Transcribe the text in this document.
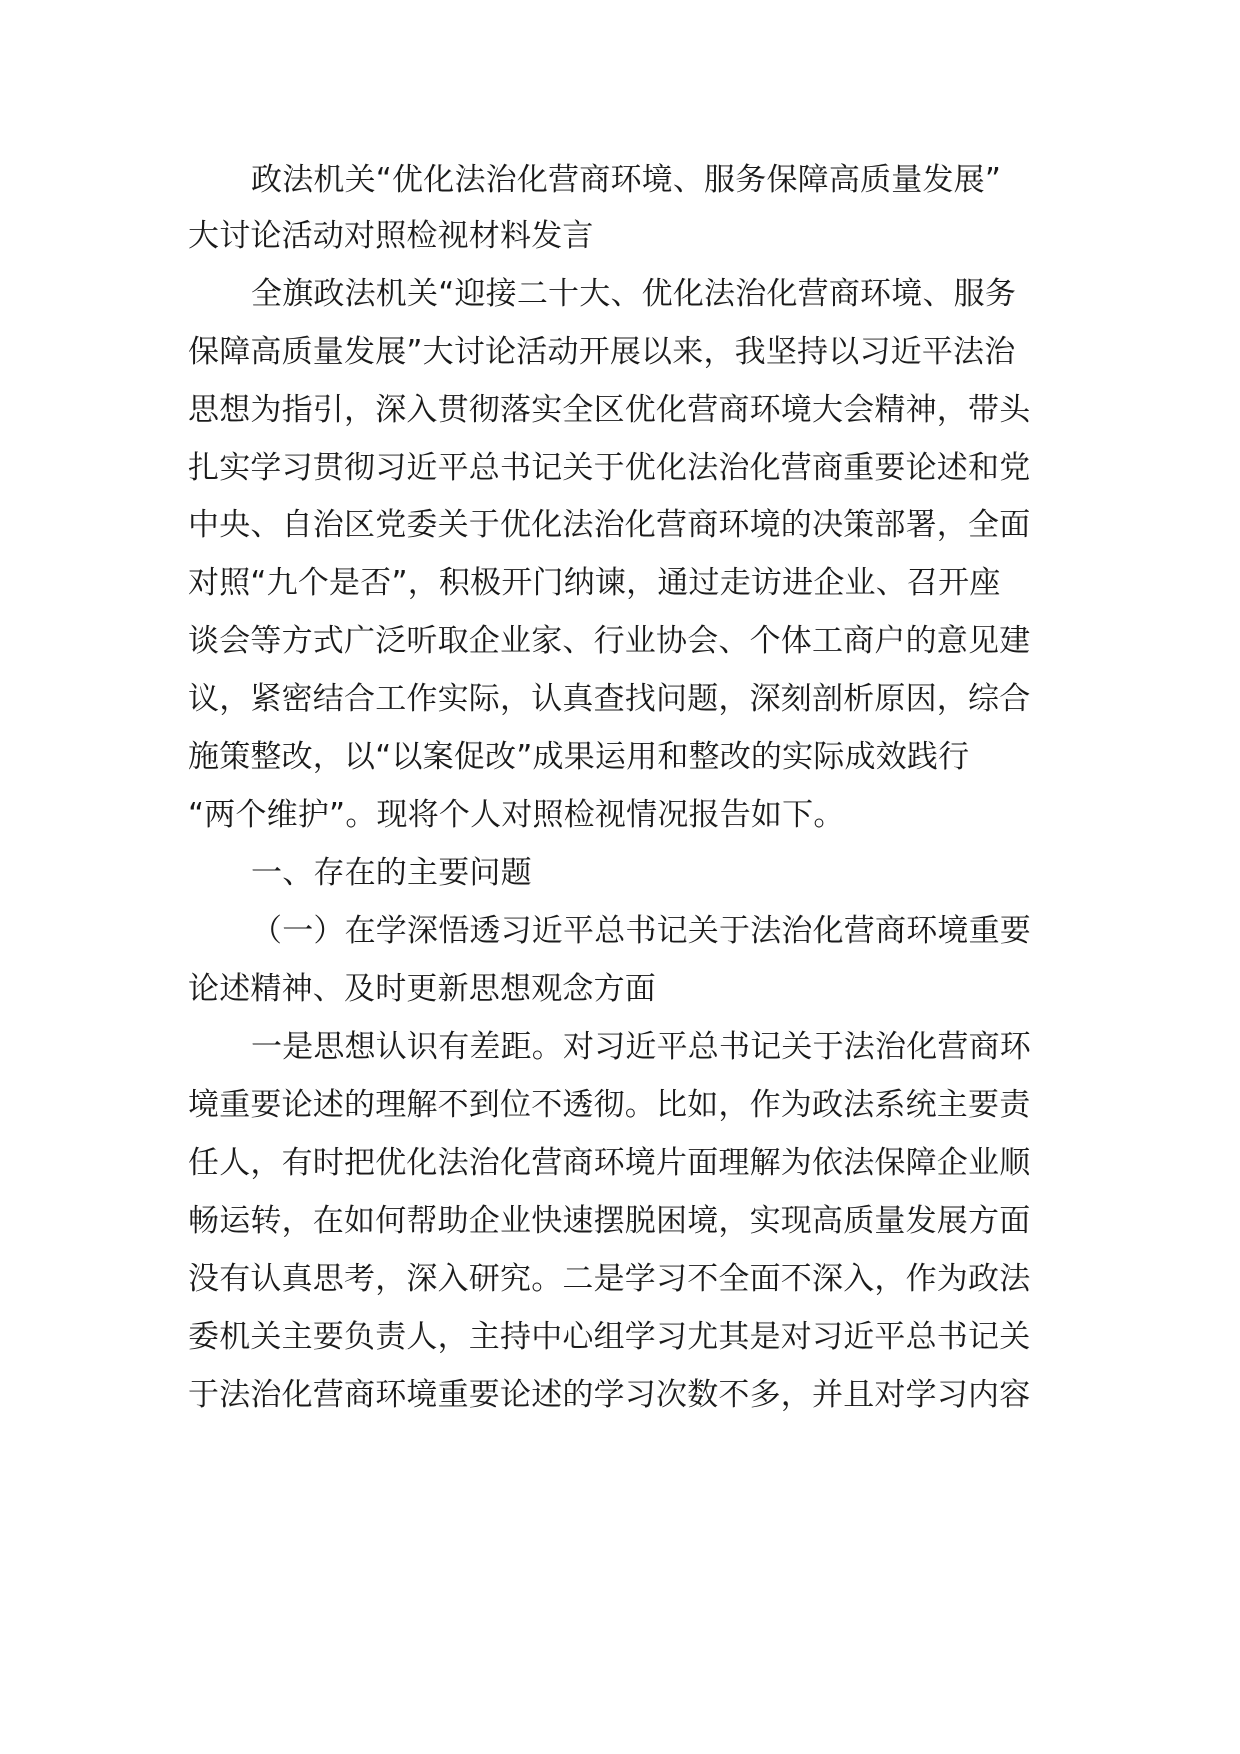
政法机关“优化法治化营商环境、服务保障高质量发展”
大讨论活动对照检视材料发言
全旗政法机关“迎接二十大、优化法治化营商环境、服务
保障高质量发展”大讨论活动开展以来，我坚持以习近平法治
思想为指引，深入贯彻落实全区优化营商环境大会精神，带头
扎实学习贯彻习近平总书记关于优化法治化营商重要论述和党
中央、自治区党委关于优化法治化营商环境的决策部署，全面
对照“九个是否”，积极开门纳谏，通过走访进企业、召开座
谈会等方式广泛听取企业家、行业协会、个体工商户的意见建
议，紧密结合工作实际，认真查找问题，深刻剖析原因，综合
施策整改，以“以案促改”成果运用和整改的实际成效践行
“两个维护”。现将个人对照检视情况报告如下。
一、存在的主要问题
（一）在学深悟透习近平总书记关于法治化营商环境重要
论述精神、及时更新思想观念方面
一是思想认识有差距。对习近平总书记关于法治化营商环
境重要论述的理解不到位不透彻。比如，作为政法系统主要责
任人，有时把优化法治化营商环境片面理解为依法保障企业顺
畅运转，在如何帮助企业快速摆脱困境，实现高质量发展方面
没有认真思考，深入研究。二是学习不全面不深入，作为政法
委机关主要负责人，主持中心组学习尤其是对习近平总书记关
于法治化营商环境重要论述的学习次数不多，并且对学习内容
